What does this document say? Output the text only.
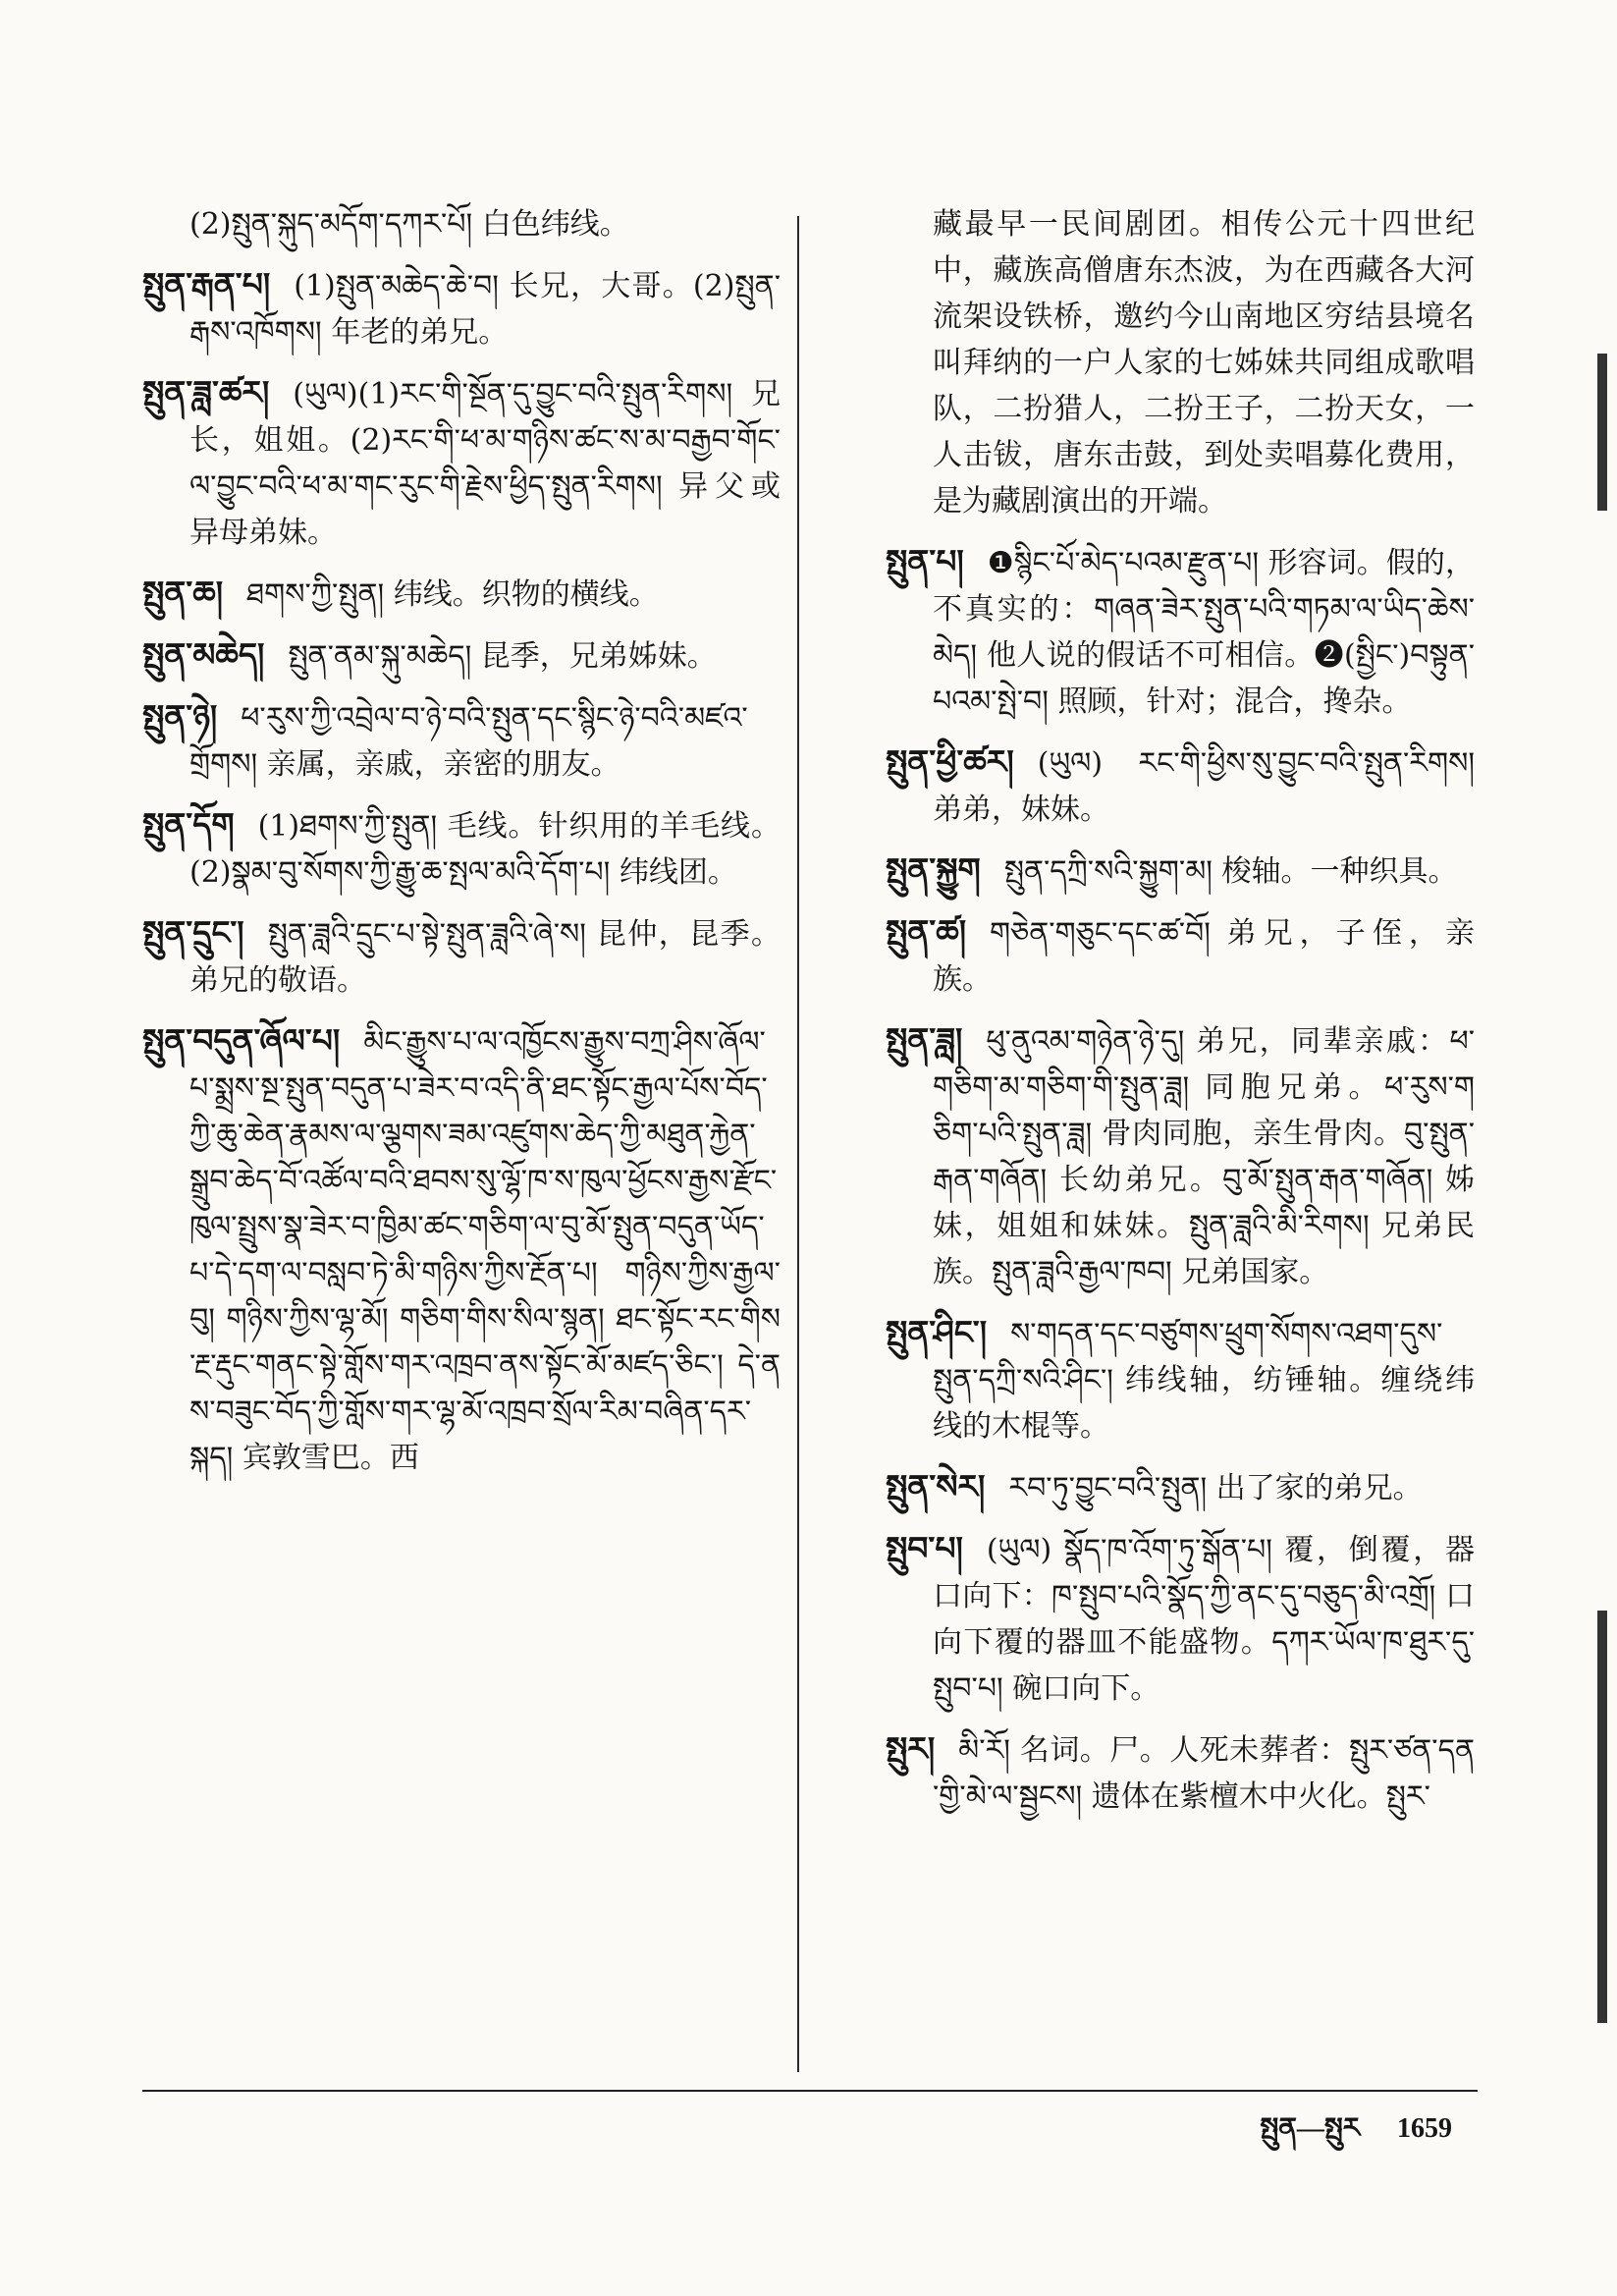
(2)སྤུན་སྐུད་མདོག་དཀར་པོ། 白色纬线。
སྤུན་རྒན་པ། (1)སྤུན་མཆེད་ཆེ་བ། 长兄，大哥。(2)སྤུན་རྒས་འཁོགས། 年老的弟兄。
སྤུན་ཟླ་ཚར། (ཡུལ)(1)རང་གི་སྔོན་དུ་བྱུང་བའི་སྤུན་རིགས། 兄长，姐姐。(2)རང་གི་ཕ་མ་གཉིས་ཚང་ས་མ་བརྒྱབ་གོང་ལ་བྱུང་བའི་ཕ་མ་གང་རུང་གི་རྗེས་ཕྱིད་སྤུན་རིགས། 异父或异母弟妹。
སྤུན་ཆ། ཐགས་ཀྱི་སྤུན། 纬线。织物的横线。
སྤུན་མཆེད། སྤུན་ནམ་སྐུ་མཆེད། 昆季，兄弟姊妹。
སྤུན་ཉེ། ཕ་རུས་ཀྱི་འབྲེལ་བ་ཉེ་བའི་སྤུན་དང་སྙིང་ཉེ་བའི་མཛའ་གྲོགས། 亲属，亲戚，亲密的朋友。
སྤུན་དོག (1)ཐགས་ཀྱི་སྤུན། 毛线。针织用的羊毛线。(2)སྣམ་བུ་སོགས་ཀྱི་རྒྱུ་ཆ་སྤལ་མའི་དོག་པ། 纬线团。
སྤུན་དྲུང་། སྤུན་ཟླའི་དྲུང་པ་སྟེ་སྤུན་ཟླའི་ཞེ་ས། 昆仲，昆季。弟兄的敬语。
སྤུན་བདུན་ཞོལ་པ། མིང་རྒྱུས་པ་ལ་འཁྱོངས་རྒྱུས་བཀྲ་ཤིས་ཞོལ་པ་སྨྲས་སྔ་སྤུན་བདུན་པ་ཟེར་བ་འདི་ནི་ཐང་སྟོང་རྒྱལ་པོས་བོད་ཀྱི་ཆུ་ཆེན་རྣམས་ལ་ལྕགས་ཟམ་འཛུགས་ཆེད་ཀྱི་མཐུན་རྐྱེན་སྒྲུབ་ཆེད་བོ་འཚོལ་བའི་ཐབས་སུ་ལྷོ་ཁ་ས་ཁུལ་ཕྱོངས་རྒྱས་རྫོང་ཁུལ་སྤྲུས་སྣ་ཟེར་བ་ཁྱིམ་ཚང་གཅིག་ལ་བུ་མོ་སྤུན་བདུན་ཡོད་པ་དེ་དག་ལ་བསླབ་ཏེ་མི་གཉིས་ཀྱིས་རྔོན་པ། གཉིས་ཀྱིས་རྒྱལ་བུ། གཉིས་ཀྱིས་ལྷ་མོ། གཅིག་གིས་སིལ་སྙན། ཐང་སྟོང་རང་གིས་རྔ་རྡུང་གནང་སྟེ་གློས་གར་འཁྲབ་ནས་སྟོང་མོ་མཛད་ཅིང་། དེ་ནས་བཟུང་བོད་ཀྱི་གློས་གར་ལྷ་མོ་འཁྲབ་སྲོལ་རིམ་བཞིན་དར་སྐད། 宾敦雪巴。西
藏最早一民间剧团。相传公元十四世纪中，藏族高僧唐东杰波，为在西藏各大河流架设铁桥，邀约今山南地区穷结县境名叫拜纳的一户人家的七姊妹共同组成歌唱队，二扮猎人，二扮王子，二扮天女，一人击钹，唐东击鼓，到处卖唱募化费用，是为藏剧演出的开端。
སྤུན་པ། ❶སྙིང་པོ་མེད་པའམ་རྫུན་པ། 形容词。假的，不真实的：གཞན་ཟེར་སྤུན་པའི་གཏམ་ལ་ཡིད་ཆེས་མེད། 他人说的假话不可相信。❷(སྤྱིང་)བསྟུན་པའམ་སྤེ་བ། 照顾，针对；混合，搀杂。
སྤུན་ཕྱི་ཚར། (ཡུལ) རང་གི་ཕྱིས་སུ་བྱུང་བའི་སྤུན་རིགས། 弟弟，妹妹。
སྤུན་སྐྱུག སྤུན་དཀྲི་སའི་སྐྱུག་མ། 梭轴。一种织具。
སྤུན་ཚ། གཅེན་གཅུང་དང་ཚ་བོ། 弟兄，子侄，亲族。
སྤུན་ཟླ། ཕུ་ནུའམ་གཉེན་ཉེ་དུ། 弟兄，同辈亲戚：ཕ་གཅིག་མ་གཅིག་གི་སྤུན་ཟླ། 同胞兄弟。ཕ་རུས་གཅིག་པའི་སྤུན་ཟླ། 骨肉同胞，亲生骨肉。བུ་སྤུན་རྒན་གཞོན། 长幼弟兄。བུ་མོ་སྤུན་རྒན་གཞོན། 姊妹，姐姐和妹妹。སྤུན་ཟླའི་མི་རིགས། 兄弟民族。སྤུན་ཟླའི་རྒྱལ་ཁབ། 兄弟国家。
སྤུན་ཤིང་། ས་གདན་དང་བཙུགས་ཕྲུག་སོགས་འཐག་དུས་སྤུན་དཀྲི་སའི་ཤིང་། 纬线轴，纺锤轴。缠绕纬线的木棍等。
སྤུན་སེར། རབ་ཏུ་བྱུང་བའི་སྤུན། 出了家的弟兄。
སྤུབ་པ། (ཡུལ) སྣོད་ཁ་འོག་ཏུ་སྒོན་པ། 覆，倒覆，器口向下：ཁ་སྤུབ་པའི་སྣོད་ཀྱི་ནང་དུ་བཅུད་མི་འགྲོ། 口向下覆的器皿不能盛物。དཀར་ཡོལ་ཁ་ཐུར་དུ་སྤུབ་པ། 碗口向下。
སྤུར། མི་རོ། 名词。尸。人死未葬者：སྤུར་ཙན་དན་གྱི་མེ་ལ་སྦྱངས། 遗体在紫檀木中火化。སྤུར་
སྤུན—སྤུར 1659
